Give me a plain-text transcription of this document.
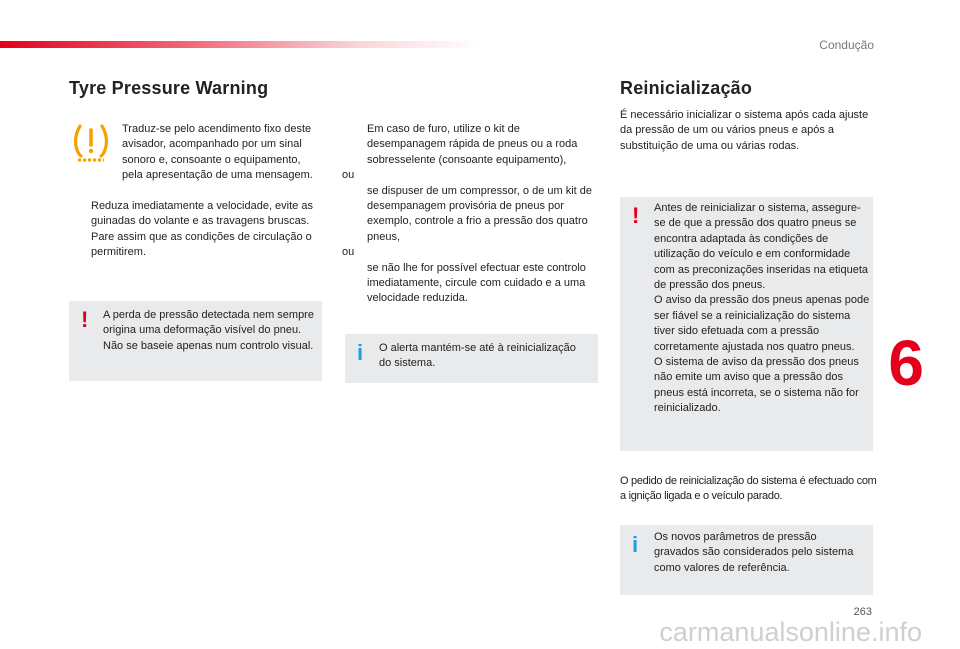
Condução
Tyre Pressure Warning
Traduz-se pelo acendimento fixo deste avisador, acompanhado por um sinal sonoro e, consoante o equipamento, pela apresentação de uma mensagem.
Reduza imediatamente a velocidade, evite as guinadas do volante e as travagens bruscas.
Pare assim que as condições de circulação o permitirem.
! A perda de pressão detectada nem sempre origina uma deformação visível do pneu. Não se baseie apenas num controlo visual.
Em caso de furo, utilize o kit de desempanagem rápida de pneus ou a roda sobresselente (consoante equipamento),
ou
se dispuser de um compressor, o de um kit de desempanagem provisória de pneus por exemplo, controle a frio a pressão dos quatro pneus,
ou
se não lhe for possível efectuar este controlo imediatamente, circule com cuidado e a uma velocidade reduzida.
i O alerta mantém-se até à reinicialização do sistema.
Reinicialização
É necessário inicializar o sistema após cada ajuste da pressão de um ou vários pneus e após a substituição de uma ou várias rodas.
! Antes de reinicializar o sistema, assegure-se de que a pressão dos quatro pneus se encontra adaptada às condições de utilização do veículo e em conformidade com as preconizações inseridas na etiqueta de pressão dos pneus.
O aviso da pressão dos pneus apenas pode ser fiável se a reinicialização do sistema tiver sido efetuada com a pressão corretamente ajustada nos quatro pneus.
O sistema de aviso da pressão dos pneus não emite um aviso que a pressão dos pneus está incorreta, se o sistema não for reinicializado.
O pedido de reinicialização do sistema é efectuado com a ignição ligada e o veículo parado.
i Os novos parâmetros de pressão gravados são considerados pelo sistema como valores de referência.
6
263
carmanualsonline.info
